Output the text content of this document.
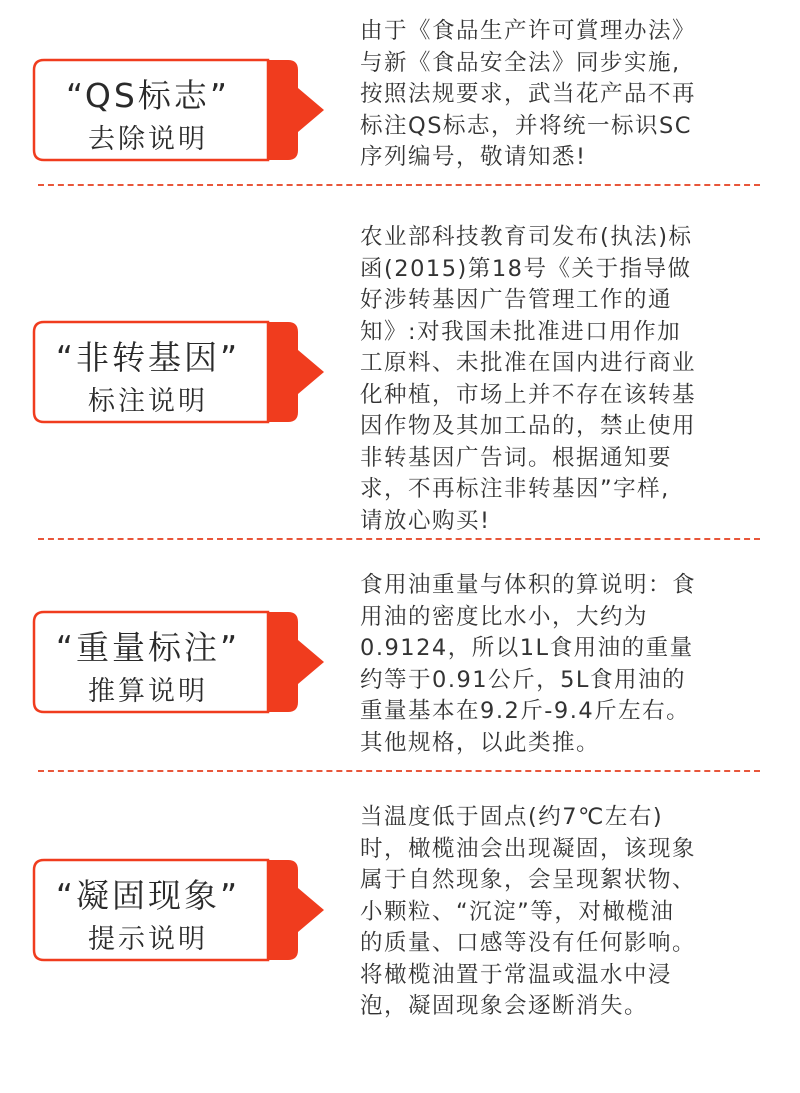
“QS标志”
去除说明
由于《食品生产许可賞理办法》
与新《食品安全法》同步实施,
按照法规要求，武当花产品不再
标注QS标志，并将统一标识SC
序列编号，敬请知悉!
“非转基因”
标注说明
农业部科技教育司发布(执法)标
函(2015)第18号《关于指导做
好涉转基因广告管理工作的通
知》:对我国未批准进口用作加
工原料、未批准在国内进行商业
化种植，市场上并不存在该转基
因作物及其加工品的，禁止使用
非转基因广告词。根据通知要
求，不再标注非转基因”字样,
请放心购买!
“重量标注”
推算说明
食用油重量与体积的算说明：食
用油的密度比水小，大约为
0.9124，所以1L食用油的重量
约等于0.91公斤，5L食用油的
重量基本在9.2斤-9.4斤左右。
其他规格，以此类推。
“凝固现象”
提示说明
当温度低于固点(约7℃左右)
时，橄榄油会出现凝固，该现象
属于自然现象，会呈现絮状物、
小颗粒、“沉淀”等，对橄榄油
的质量、口感等没有任何影响。
将橄榄油置于常温或温水中浸
泡，凝固现象会逐断消失。
